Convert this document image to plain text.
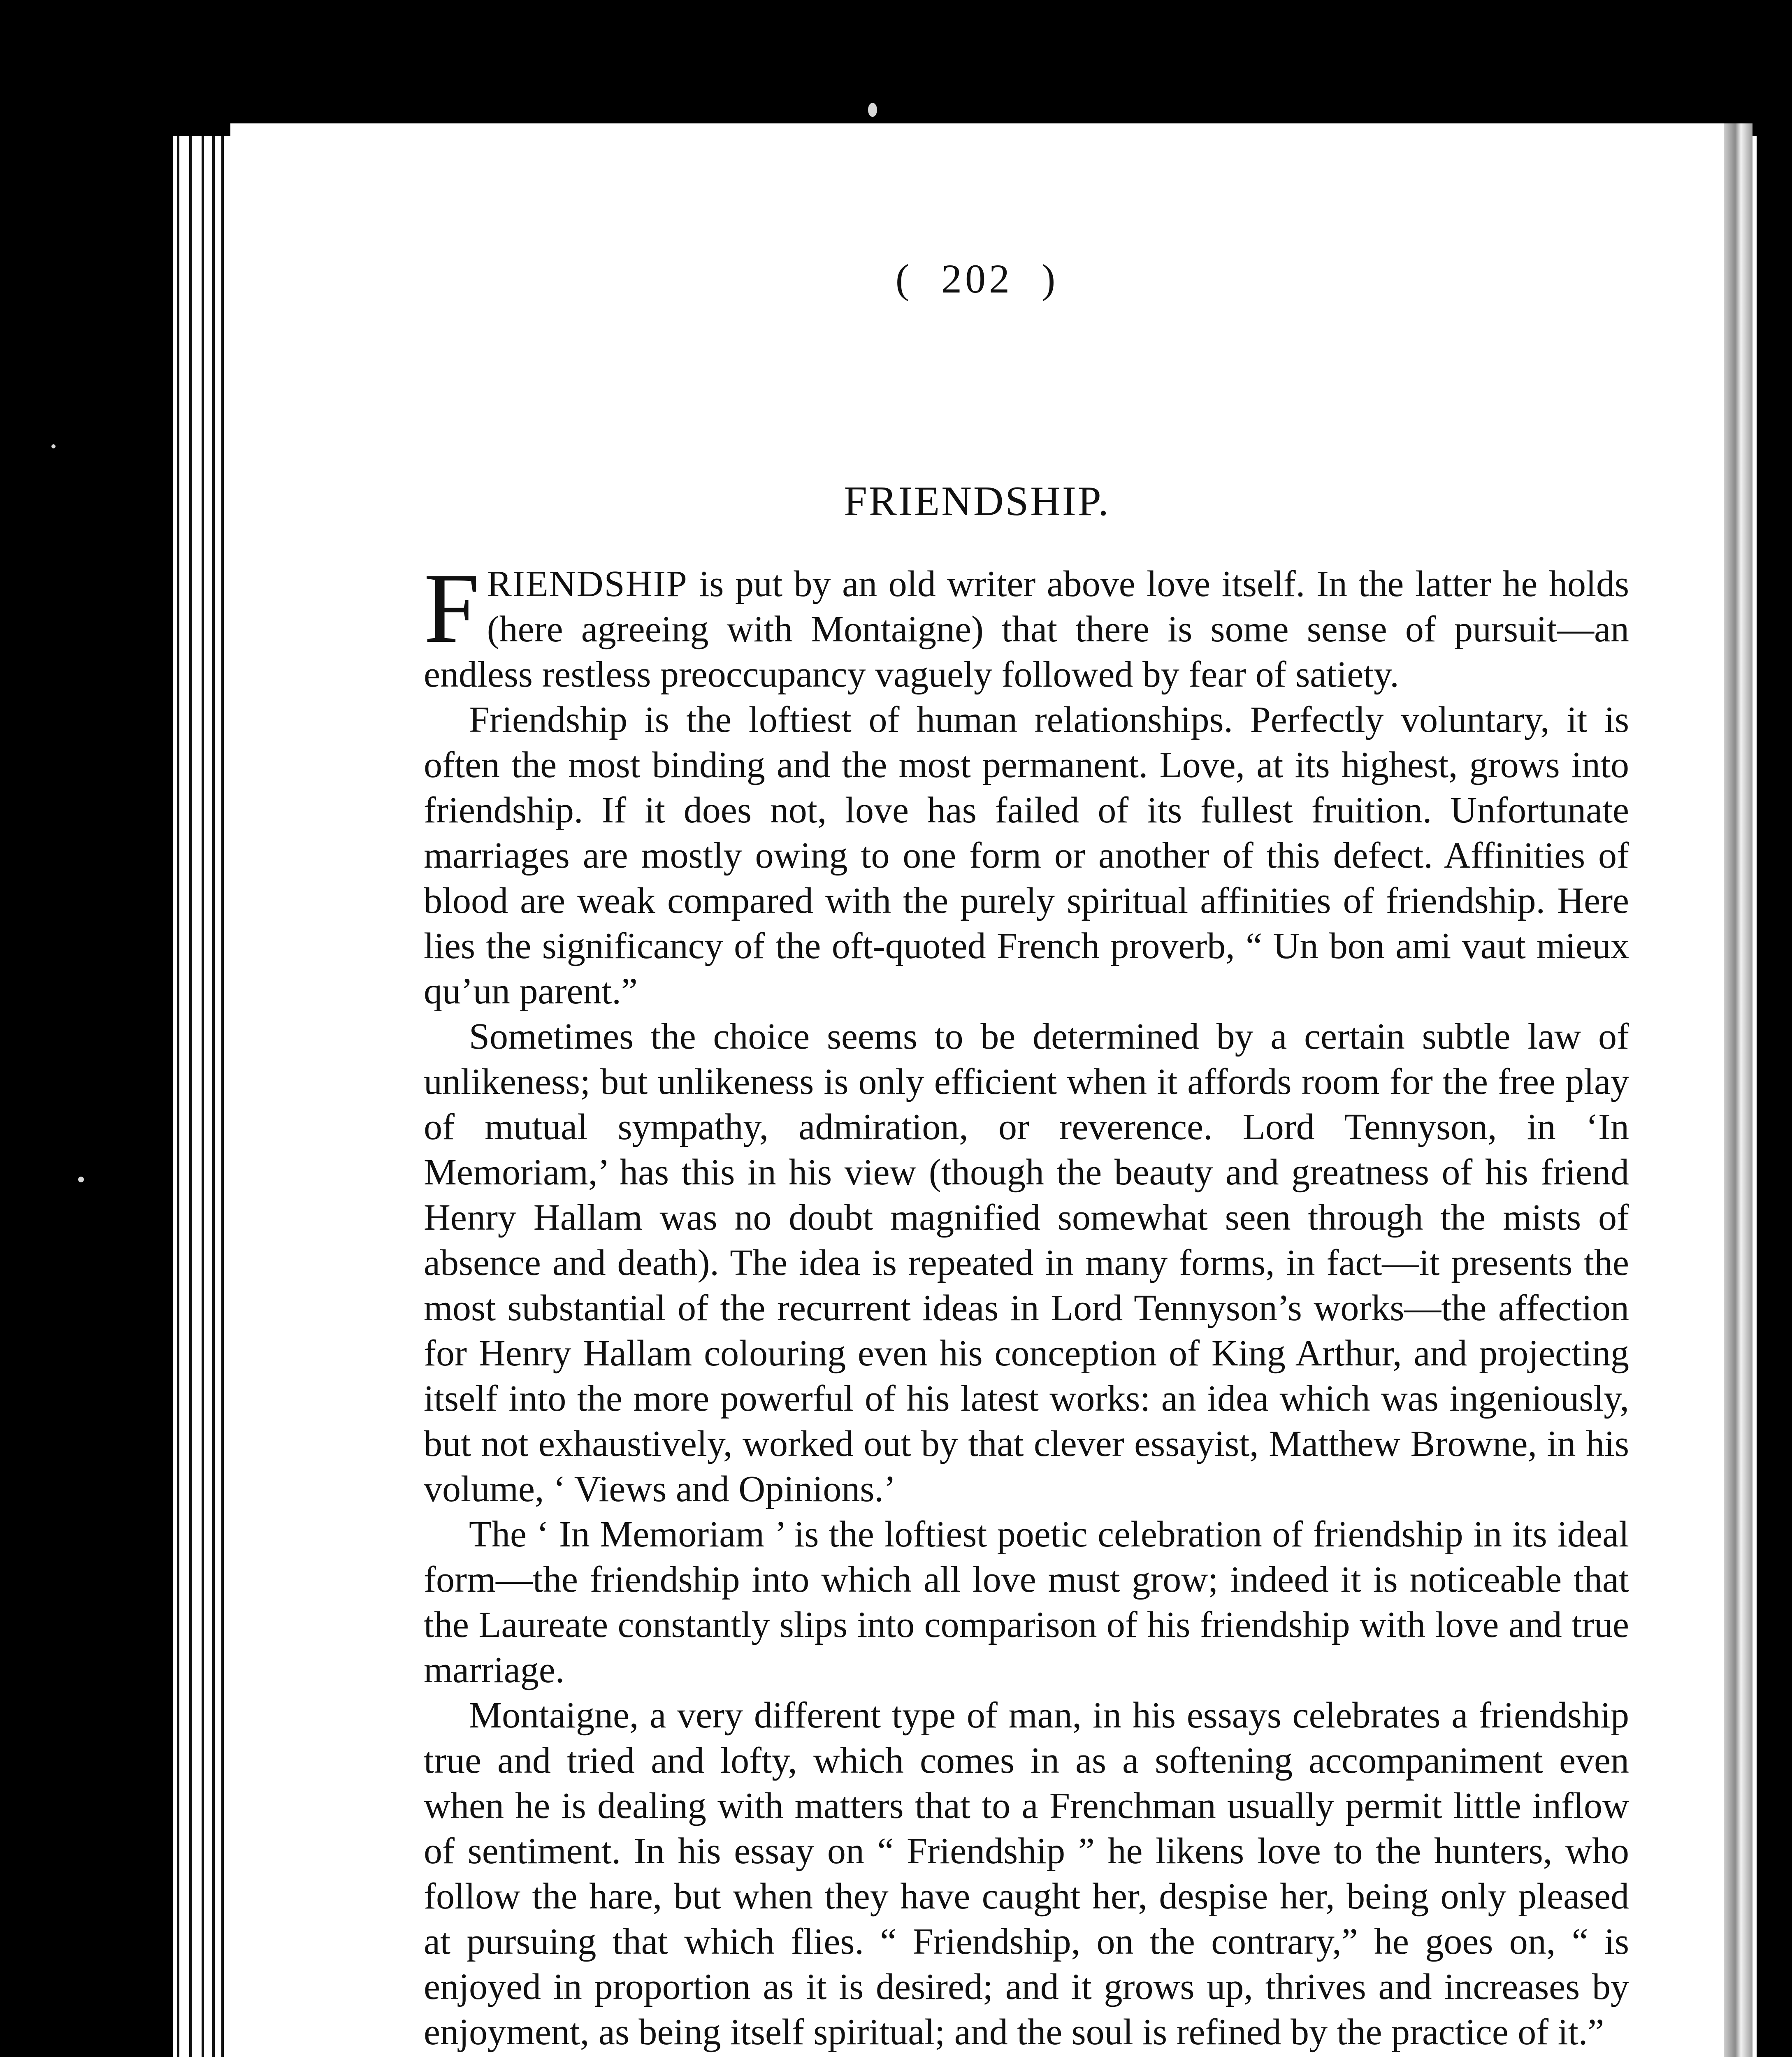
( 202 )
FRIENDSHIP.

FRIENDSHIP is put by an old writer above love itself. In the latter he holds (here agreeing with Montaigne) that there is some sense of pursuit—an endless restless preoccupancy vaguely followed by fear of satiety.

Friendship is the loftiest of human relationships. Perfectly voluntary, it is often the most binding and the most permanent. Love, at its highest, grows into friendship. If it does not, love has failed of its fullest fruition. Unfortunate marriages are mostly owing to one form or another of this defect. Affinities of blood are weak compared with the purely spiritual affinities of friendship. Here lies the significancy of the oft-quoted French proverb, “ Un bon ami vaut mieux qu’un parent.”

Sometimes the choice seems to be determined by a certain subtle law of unlikeness; but unlikeness is only efficient when it affords room for the free play of mutual sympathy, admiration, or reverence. Lord Tennyson, in ‘In Memoriam,’ has this in his view (though the beauty and greatness of his friend Henry Hallam was no doubt magnified somewhat seen through the mists of absence and death). The idea is repeated in many forms, in fact—it presents the most substantial of the recurrent ideas in Lord Tennyson’s works—the affection for Henry Hallam colouring even his conception of King Arthur, and projecting itself into the more powerful of his latest works: an idea which was ingeniously, but not exhaustively, worked out by that clever essayist, Matthew Browne, in his volume, ‘ Views and Opinions.’

The ‘ In Memoriam ’ is the loftiest poetic celebration of friendship in its ideal form—the friendship into which all love must grow; indeed it is noticeable that the Laureate constantly slips into comparison of his friendship with love and true marriage.

Montaigne, a very different type of man, in his essays celebrates a friendship true and tried and lofty, which comes in as a softening accompaniment even when he is dealing with matters that to a Frenchman usually permit little inflow of sentiment. In his essay on “ Friendship ” he likens love to the hunters, who follow the hare, but when they have caught her, despise her, being only pleased at pursuing that which flies. “ Friendship, on the contrary,” he goes on, “ is enjoyed in proportion as it is desired; and it grows up, thrives and increases by enjoyment, as being itself spiritual; and the soul is refined by the practice of it.”
